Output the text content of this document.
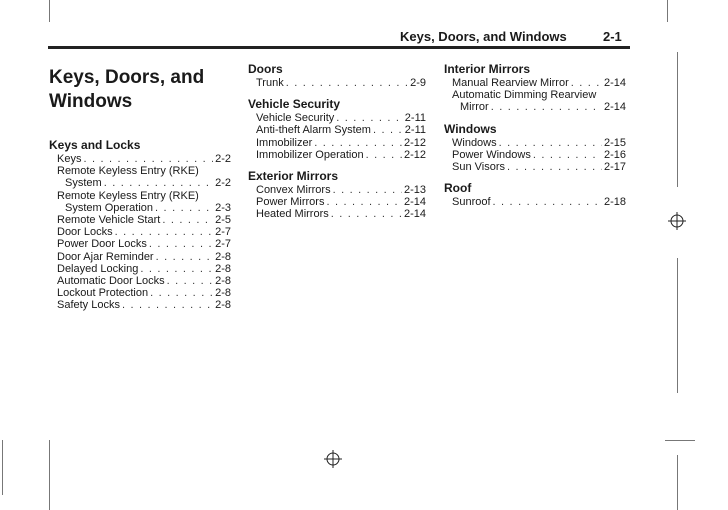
Keys, Doors, and Windows	2-1
Keys, Doors, and
Windows
Keys and Locks
Keys . . .	2-2
Remote Keyless Entry (RKE)
System . . .	2-2
Remote Keyless Entry (RKE)
System Operation . . .	2-3
Remote Vehicle Start . . .	2-5
Door Locks . . .	2-7
Power Door Locks . . .	2-7
Door Ajar Reminder . . .	2-8
Delayed Locking . . .	2-8
Automatic Door Locks . . .	2-8
Lockout Protection . . .	2-8
Safety Locks . . .	2-8
Doors
Trunk . . .	2-9
Vehicle Security
Vehicle Security . . .	2-11
Anti-theft Alarm System . . .	2-11
Immobilizer . . .	2-12
Immobilizer Operation . . .	2-12
Exterior Mirrors
Convex Mirrors . . .	2-13
Power Mirrors . . .	2-14
Heated Mirrors . . .	2-14
Interior Mirrors
Manual Rearview Mirror . . .	2-14
Automatic Dimming Rearview
Mirror . . .	2-14
Windows
Windows . . .	2-15
Power Windows . . .	2-16
Sun Visors . . .	2-17
Roof
Sunroof . . .	2-18
